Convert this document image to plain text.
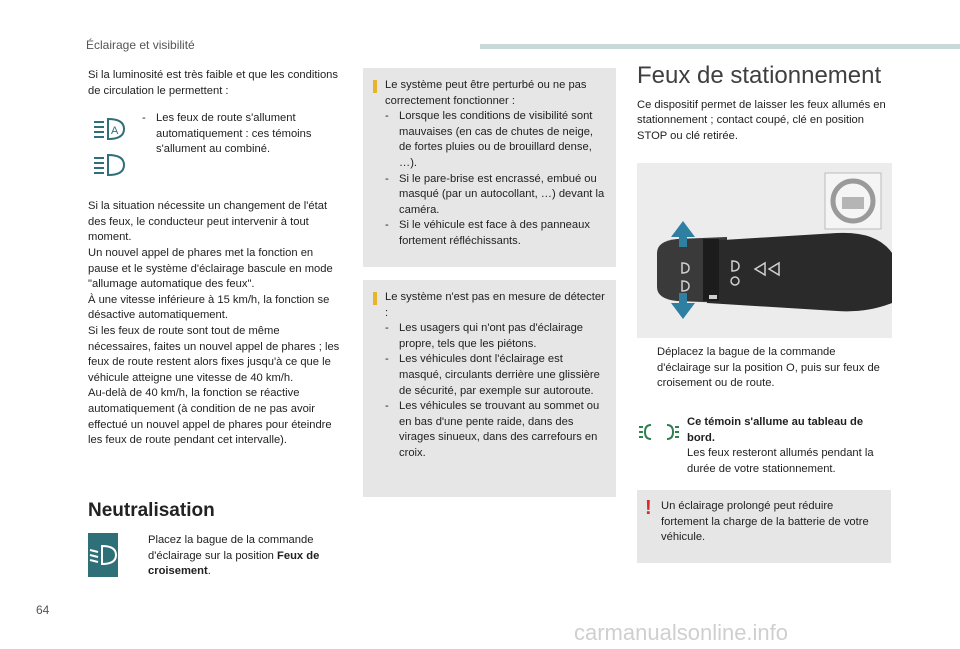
Éclairage et visibilité

Si la luminosité est très faible et que les conditions de circulation le permettent :

A
- Les feux de route s'allument automatiquement : ces témoins s'allument au combiné.

Si la situation nécessite un changement de l'état des feux, le conducteur peut intervenir à tout moment.

Un nouvel appel de phares met la fonction en pause et le système d'éclairage bascule en mode "allumage automatique des feux".

À une vitesse inférieure à 15 km/h, la fonction se désactive automatiquement.

Si les feux de route sont tout de même nécessaires, faites un nouvel appel de phares ; les feux de route restent alors fixes jusqu'à ce que le véhicule atteigne une vitesse de 40 km/h.

Au-delà de 40 km/h, la fonction se réactive automatiquement (à condition de ne pas avoir effectué un nouvel appel de phares pour éteindre les feux de route pendant cet intervalle).

Neutralisation
Placez la bague de la commande d'éclairage sur la position Feux de croisement.

Le système peut être perturbé ou ne pas correctement fonctionner :

- Lorsque les conditions de visibilité sont mauvaises (en cas de chutes de neige, de fortes pluies ou de brouillard dense, …).
- Si le pare-brise est encrassé, embué ou masqué (par un autocollant, …) devant la caméra.
- Si le véhicule est face à des panneaux fortement réfléchissants.

Le système n'est pas en mesure de détecter :

- Les usagers qui n'ont pas d'éclairage propre, tels que les piétons.
- Les véhicules dont l'éclairage est masqué, circulants derrière une glissière de sécurité, par exemple sur autoroute.
- Les véhicules se trouvant au sommet ou en bas d'une pente raide, dans des virages sinueux, dans des carrefours en croix.
Feux de stationnement

Ce dispositif permet de laisser les feux allumés en stationnement ; contact coupé, clé en position STOP ou clé retirée.

Déplacez la bague de la commande d'éclairage sur la position O, puis sur feux de croisement ou de route.

Ce témoin s'allume au tableau de bord.

Les feux resteront allumés pendant la durée de votre stationnement.

! Un éclairage prolongé peut réduire fortement la charge de la batterie de votre véhicule.
64
carmanualsonline.info
